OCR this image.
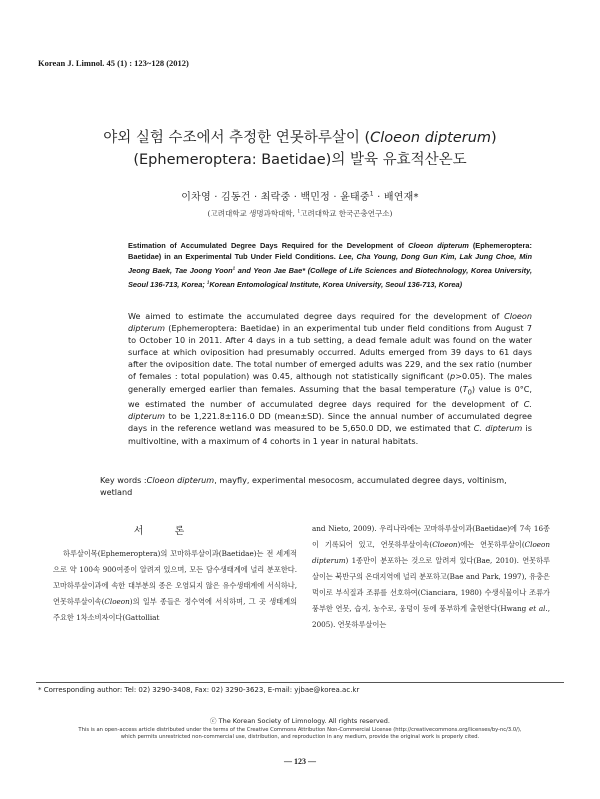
Korean J. Limnol. 45 (1) : 123~128 (2012)
야외 실험 수조에서 추정한 연못하루살이 (Cloeon dipterum)
(Ephemeroptera: Baetidae)의 발육 유효적산온도
이차영 · 김동건 · 최락중 · 백민정 · 윤태중$^1$ · 배연재*
(고려대학교 생명과학대학, $^1$고려대학교 한국곤충연구소)
Estimation of Accumulated Degree Days Required for the Development of Cloeon dipterum (Ephemeroptera: Baetidae) in an Experimental Tub Under Field Conditions. Lee, Cha Young, Dong Gun Kim, Lak Jung Choe, Min Jeong Baek, Tae Joong Yoon$^1$ and Yeon Jae Bae* (College of Life Sciences and Biotechnology, Korea University, Seoul 136-713, Korea; $^1$Korean Entomological Institute, Korea University, Seoul 136-713, Korea)
We aimed to estimate the accumulated degree days required for the development of Cloeon dipterum (Ephemeroptera: Baetidae) in an experimental tub under field conditions from August 7 to October 10 in 2011. After 4 days in a tub setting, a dead female adult was found on the water surface at which oviposition had presumably occurred. Adults emerged from 39 days to 61 days after the oviposition date. The total number of emerged adults was 229, and the sex ratio (number of females : total population) was 0.45, although not statistically significant (p>0.05). The males generally emerged earlier than females. Assuming that the basal temperature $(T_0)$ value is 0°C, we estimated the number of accumulated degree days required for the development of C. dipterum to be 1,221.8±116.0 DD (mean±SD). Since the annual number of accumulated degree days in the reference wetland was measured to be 5,650.0 DD, we estimated that C. dipterum is multivoltine, with a maximum of 4 cohorts in 1 year in natural habitats.
Key words :Cloeon dipterum, mayfly, experimental mesocosm, accumulated degree days, voltinism, wetland
서 론
하루살이목(Ephemeroptera)의 꼬마하루살이과(Baetidae)는 전 세계적으로 약 100속 900여종이 알려져 있으며, 모든 담수생태계에 널리 분포한다. 꼬마하루살이과에 속한 대부분의 종은 오염되지 않은 유수생태계에 서식하나, 연못하루살이속(Cloeon)의 일부 종들은 정수역에 서식하며, 그 곳 생태계의 주요한 1차소비자이다(Gattolliat
and Nieto, 2009). 우리나라에는 꼬마하루살이과(Baetidae)에 7속 16종이 기록되어 있고, 연못하루살이속(Cloeon)에는 연못하루살이(Cloeon dipterum) 1종만이 분포하는 것으로 알려져 있다(Bae, 2010). 연못하루살이는 북반구의 온대지역에 널리 분포하고(Bae and Park, 1997), 유충은 먹이로 부식질과 조류를 선호하여(Cianciara, 1980) 수생식물이나 조류가 풍부한 연못, 습지, 농수로, 웅덩이 등에 풍부하게 출현한다(Hwang et al., 2005). 연못하루살이는
* Corresponding author: Tel: 02) 3290-3408, Fax: 02) 3290-3623, E-mail: yjbae@korea.ac.kr
ⓒ The Korean Society of Limnology. All rights reserved.
This is an open-access article distributed under the terms of the Creative Commons Attribution Non-Commercial License (http://creativecommons.org/licenses/by-nc/3.0/),
which permits unrestricted non-commercial use, distribution, and reproduction in any medium, provide the original work is properly cited.
— 123 —
